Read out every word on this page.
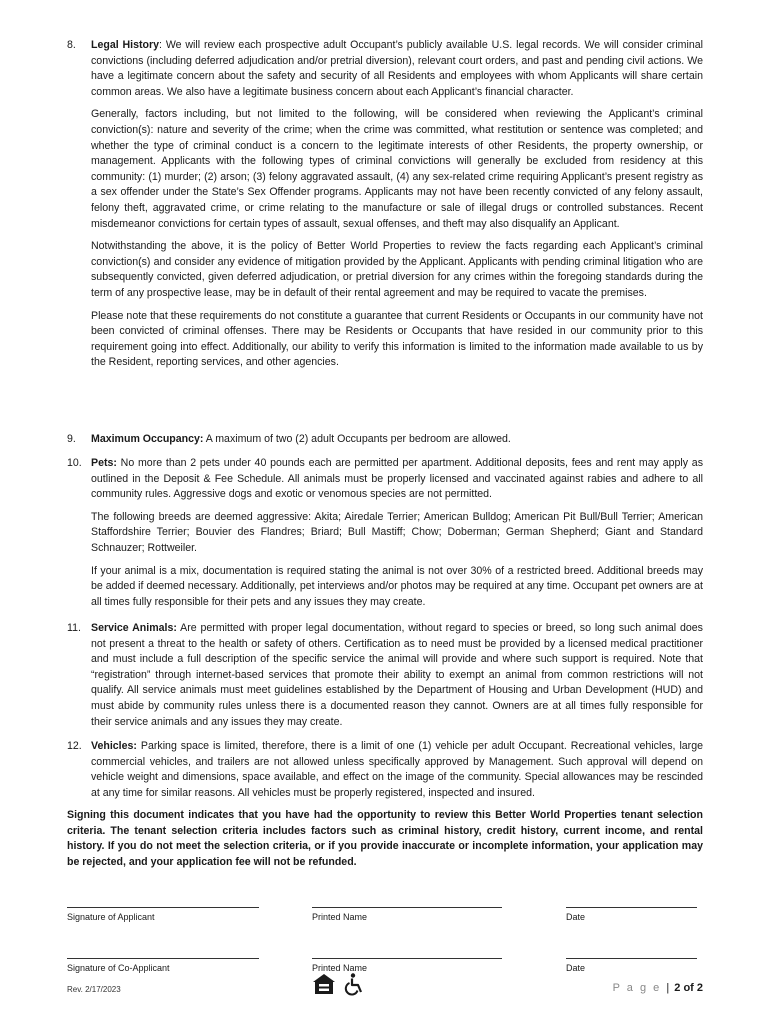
8.	Legal History: We will review each prospective adult Occupant’s publicly available U.S. legal records. We will consider criminal convictions (including deferred adjudication and/or pretrial diversion), relevant court orders, and past and pending civil actions. We have a legitimate concern about the safety and security of all Residents and employees with whom Applicants will share certain common areas. We also have a legitimate business concern about each Applicant’s financial character.

Generally, factors including, but not limited to the following, will be considered when reviewing the Applicant’s criminal conviction(s): nature and severity of the crime; when the crime was committed, what restitution or sentence was completed; and whether the type of criminal conduct is a concern to the legitimate interests of other Residents, the property ownership, or management. Applicants with the following types of criminal convictions will generally be excluded from residency at this community: (1) murder; (2) arson; (3) felony aggravated assault, (4) any sex-related crime requiring Applicant’s present registry as a sex offender under the State’s Sex Offender programs. Applicants may not have been recently convicted of any felony assault, felony theft, aggravated crime, or crime relating to the manufacture or sale of illegal drugs or controlled substances. Recent misdemeanor convictions for certain types of assault, sexual offenses, and theft may also disqualify an Applicant.

Notwithstanding the above, it is the policy of Better World Properties to review the facts regarding each Applicant’s criminal conviction(s) and consider any evidence of mitigation provided by the Applicant. Applicants with pending criminal litigation who are subsequently convicted, given deferred adjudication, or pretrial diversion for any crimes within the foregoing standards during the term of any prospective lease, may be in default of their rental agreement and may be required to vacate the premises.

Please note that these requirements do not constitute a guarantee that current Residents or Occupants in our community have not been convicted of criminal offenses. There may be Residents or Occupants that have resided in our community prior to this requirement going into effect. Additionally, our ability to verify this information is limited to the information made available to us by the Resident, reporting services, and other agencies.

9.	Maximum Occupancy: A maximum of two (2) adult Occupants per bedroom are allowed.

10. Pets: No more than 2 pets under 40 pounds each are permitted per apartment. Additional deposits, fees and rent may apply as outlined in the Deposit & Fee Schedule. All animals must be properly licensed and vaccinated against rabies and adhere to all community rules. Aggressive dogs and exotic or venomous species are not permitted.

The following breeds are deemed aggressive: Akita; Airedale Terrier; American Bulldog; American Pit Bull/Bull Terrier; American Staffordshire Terrier; Bouvier des Flandres; Briard; Bull Mastiff; Chow; Doberman; German Shepherd; Giant and Standard Schnauzer; Rottweiler.

If your animal is a mix, documentation is required stating the animal is not over 30% of a restricted breed. Additional breeds may be added if deemed necessary. Additionally, pet interviews and/or photos may be required at any time. Occupant pet owners are at all times fully responsible for their pets and any issues they may create.

11. Service Animals: Are permitted with proper legal documentation, without regard to species or breed, so long such animal does not present a threat to the health or safety of others. Certification as to need must be provided by a licensed medical practitioner and must include a full description of the specific service the animal will provide and where such support is required. Note that “registration” through internet-based services that promote their ability to exempt an animal from common restrictions will not qualify. All service animals must meet guidelines established by the Department of Housing and Urban Development (HUD) and must abide by community rules unless there is a documented reason they cannot. Owners are at all times fully responsible for their service animals and any issues they may create.

12. Vehicles: Parking space is limited, therefore, there is a limit of one (1) vehicle per adult Occupant. Recreational vehicles, large commercial vehicles, and trailers are not allowed unless specifically approved by Management. Such approval will depend on vehicle weight and dimensions, space available, and effect on the image of the community. Special allowances may be rescinded at any time for similar reasons. All vehicles must be properly registered, inspected and insured.

Signing this document indicates that you have had the opportunity to review this Better World Properties tenant selection criteria. The tenant selection criteria includes factors such as criminal history, credit history, current income, and rental history. If you do not meet the selection criteria, or if you provide inaccurate or incomplete information, your application may be rejected, and your application fee will not be refunded.
Signature of Applicant	Printed Name	Date
Signature of Co-Applicant	Printed Name	Date
Rev. 2/17/2023	P a g e | 2 of 2
